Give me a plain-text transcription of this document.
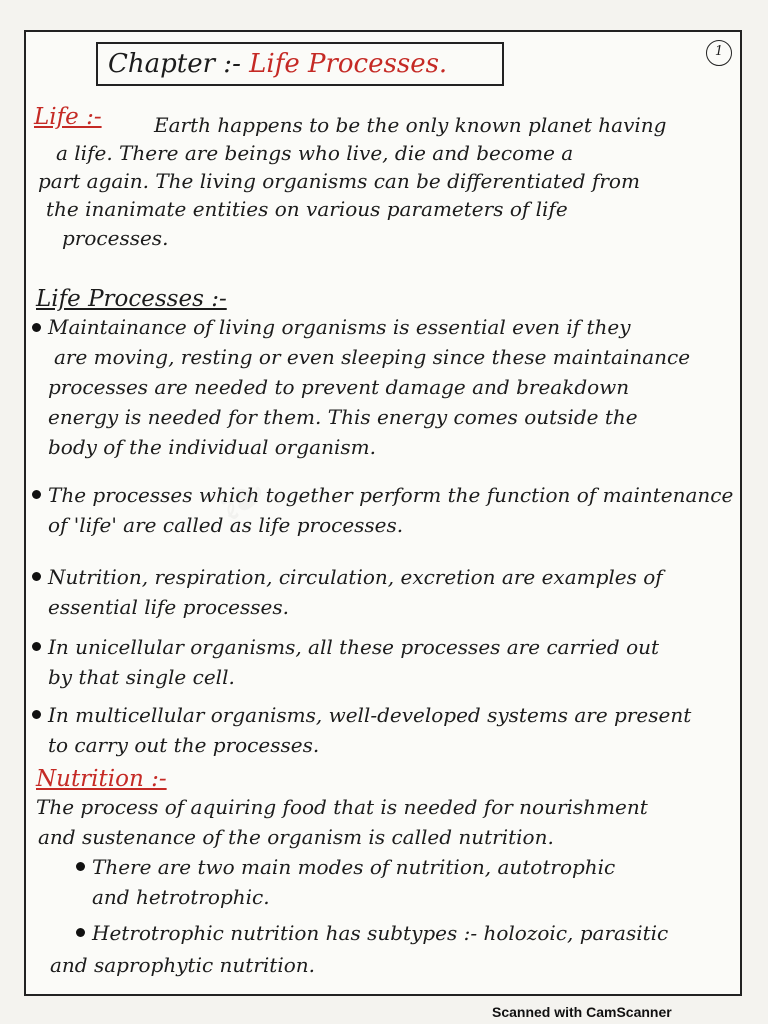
Chapter :- Life Processes.	1
Life :-	Earth happens to be the only known planet having
a life. There are beings who live, die and become a
part again. The living organisms can be differentiated from
the inanimate entities on various parameters of life
processes.
Life Processes :-
Maintainance of living organisms is essential even if they
are moving, resting or even sleeping since these maintainance
processes are needed to prevent damage and breakdown
energy is needed for them. This energy comes outside the
body of the individual organism.
The processes which together perform the function of maintenance
of 'life' are called as life processes.
Nutrition, respiration, circulation, excretion are examples of
essential life processes.
In unicellular organisms, all these processes are carried out
by that single cell.
In multicellular organisms, well-developed systems are present
to carry out the processes.
Nutrition :-
The process of aquiring food that is needed for nourishment
and sustenance of the organism is called nutrition.
There are two main modes of nutrition, autotrophic
and hetrotrophic.
Hetrotrophic nutrition has subtypes :- holozoic, parasitic
and saprophytic nutrition.
Scanned with CamScanner
